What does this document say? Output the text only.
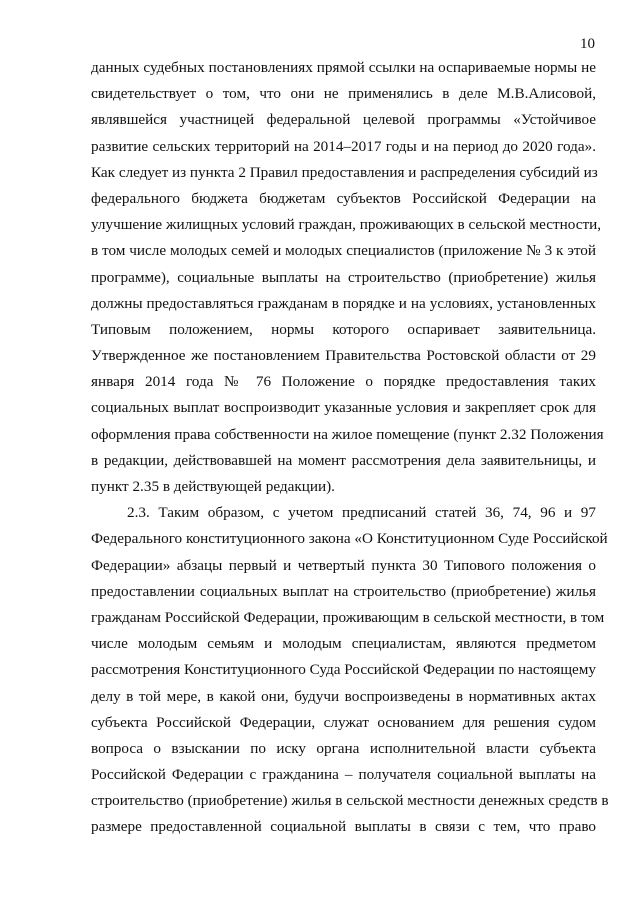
10
данных судебных постановлениях прямой ссылки на оспариваемые нормы не
свидетельствует о том, что они не применялись в деле М.В.Алисовой,
являвшейся участницей федеральной целевой программы «Устойчивое
развитие сельских территорий на 2014–2017 годы и на период до 2020 года».
Как следует из пункта 2 Правил предоставления и распределения субсидий из
федерального бюджета бюджетам субъектов Российской Федерации на
улучшение жилищных условий граждан, проживающих в сельской местности,
в том числе молодых семей и молодых специалистов (приложение № 3 к этой
программе), социальные выплаты на строительство (приобретение) жилья
должны предоставляться гражданам в порядке и на условиях, установленных
Типовым положением, нормы которого оспаривает заявительница.
Утвержденное же постановлением Правительства Ростовской области от 29
января 2014 года № 76 Положение о порядке предоставления таких
социальных выплат воспроизводит указанные условия и закрепляет срок для
оформления права собственности на жилое помещение (пункт 2.32 Положения
в редакции, действовавшей на момент рассмотрения дела заявительницы, и
пункт 2.35 в действующей редакции).
2.3. Таким образом, с учетом предписаний статей 36, 74, 96 и 97
Федерального конституционного закона «О Конституционном Суде Российской
Федерации» абзацы первый и четвертый пункта 30 Типового положения о
предоставлении социальных выплат на строительство (приобретение) жилья
гражданам Российской Федерации, проживающим в сельской местности, в том
числе молодым семьям и молодым специалистам, являются предметом
рассмотрения Конституционного Суда Российской Федерации по настоящему
делу в той мере, в какой они, будучи воспроизведены в нормативных актах
субъекта Российской Федерации, служат основанием для решения судом
вопроса о взыскании по иску органа исполнительной власти субъекта
Российской Федерации с гражданина – получателя социальной выплаты на
строительство (приобретение) жилья в сельской местности денежных средств в
размере предоставленной социальной выплаты в связи с тем, что право
